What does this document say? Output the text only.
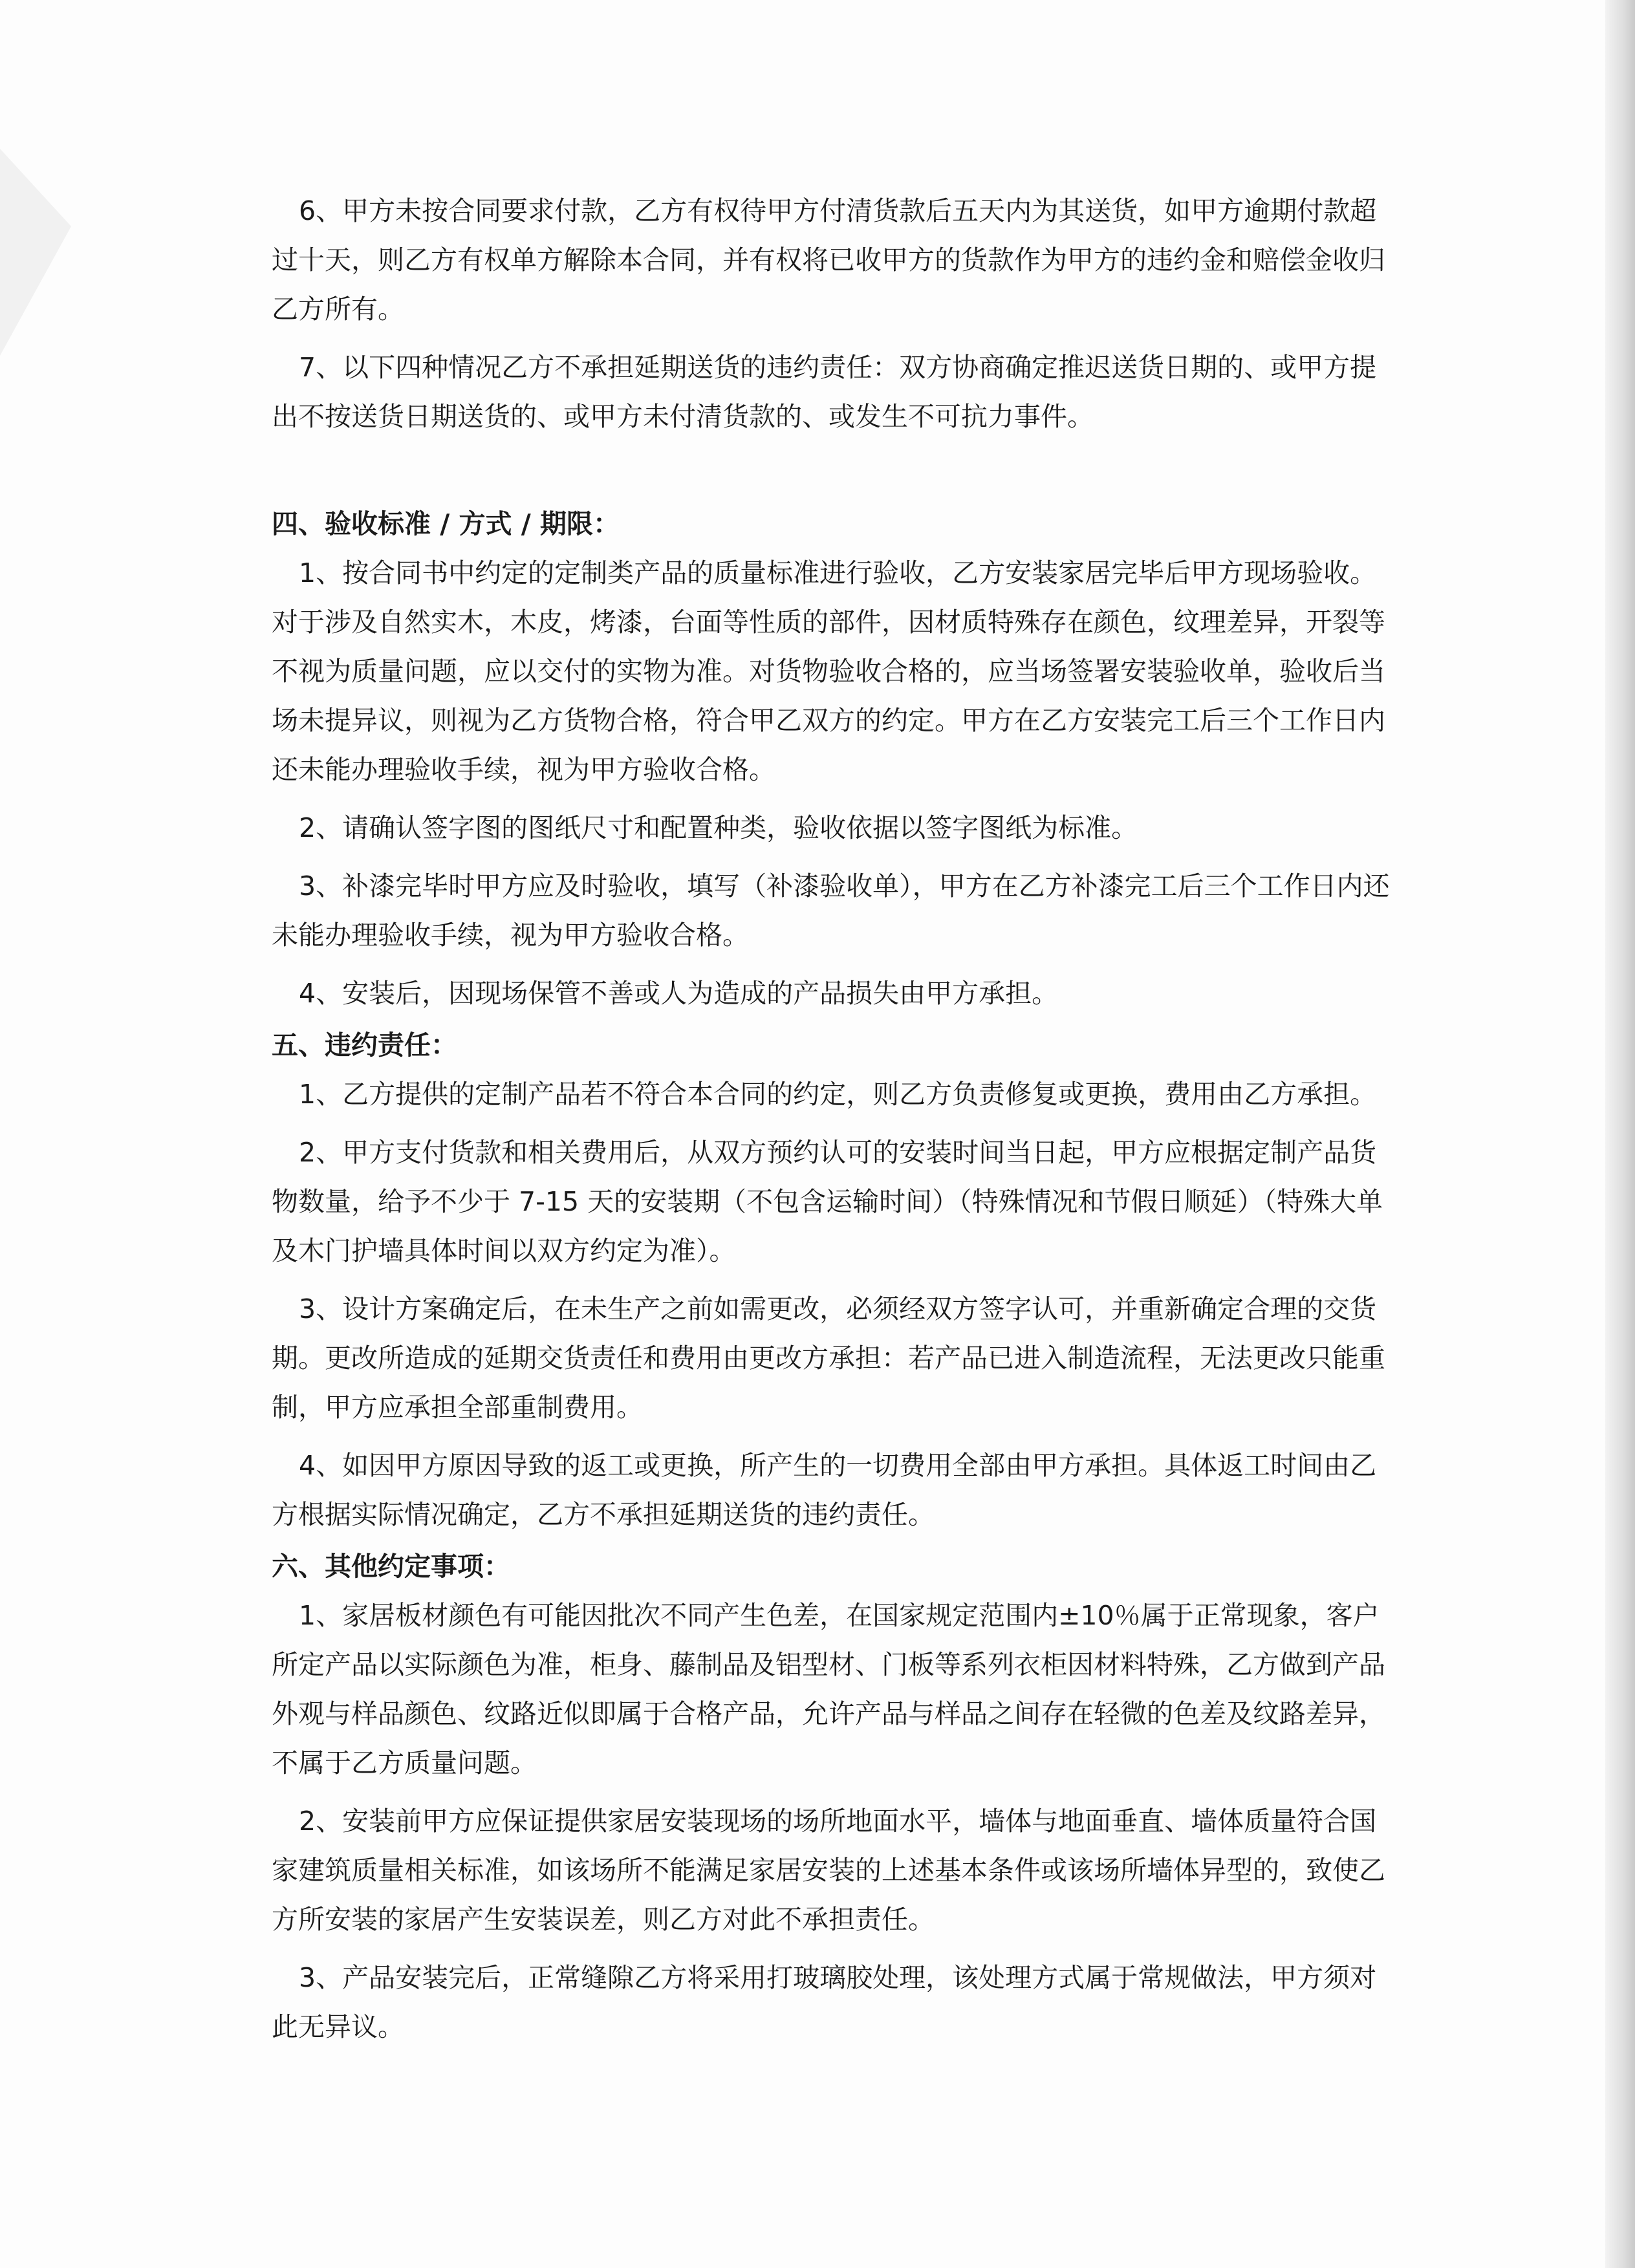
6、甲方未按合同要求付款，乙方有权待甲方付清货款后五天内为其送货，如甲方逾期付款超过十天，则乙方有权单方解除本合同，并有权将已收甲方的货款作为甲方的违约金和赔偿金收归乙方所有。

7、以下四种情况乙方不承担延期送货的违约责任：双方协商确定推迟送货日期的、或甲方提出不按送货日期送货的、或甲方未付清货款的、或发生不可抗力事件。

四、验收标准 / 方式 / 期限：

1、按合同书中约定的定制类产品的质量标准进行验收，乙方安装家居完毕后甲方现场验收。对于涉及自然实木，木皮，烤漆，台面等性质的部件，因材质特殊存在颜色，纹理差异，开裂等不视为质量问题，应以交付的实物为准。对货物验收合格的，应当场签署安装验收单，验收后当场未提异议，则视为乙方货物合格，符合甲乙双方的约定。甲方在乙方安装完工后三个工作日内还未能办理验收手续，视为甲方验收合格。

2、请确认签字图的图纸尺寸和配置种类，验收依据以签字图纸为标准。

3、补漆完毕时甲方应及时验收，填写（补漆验收单），甲方在乙方补漆完工后三个工作日内还未能办理验收手续，视为甲方验收合格。

4、安装后，因现场保管不善或人为造成的产品损失由甲方承担。

五、违约责任：

1、乙方提供的定制产品若不符合本合同的约定，则乙方负责修复或更换，费用由乙方承担。

2、甲方支付货款和相关费用后，从双方预约认可的安装时间当日起，甲方应根据定制产品货物数量，给予不少于 7-15 天的安装期（不包含运输时间）（特殊情况和节假日顺延）（特殊大单及木门护墙具体时间以双方约定为准）。

3、设计方案确定后，在未生产之前如需更改，必须经双方签字认可，并重新确定合理的交货期。更改所造成的延期交货责任和费用由更改方承担：若产品已进入制造流程，无法更改只能重制，甲方应承担全部重制费用。

4、如因甲方原因导致的返工或更换，所产生的一切费用全部由甲方承担。具体返工时间由乙方根据实际情况确定，乙方不承担延期送货的违约责任。

六、其他约定事项：

1、家居板材颜色有可能因批次不同产生色差，在国家规定范围内±10％属于正常现象，客户所定产品以实际颜色为准，柜身、藤制品及铝型材、门板等系列衣柜因材料特殊，乙方做到产品外观与样品颜色、纹路近似即属于合格产品，允许产品与样品之间存在轻微的色差及纹路差异，不属于乙方质量问题。

2、安装前甲方应保证提供家居安装现场的场所地面水平，墙体与地面垂直、墙体质量符合国家建筑质量相关标准，如该场所不能满足家居安装的上述基本条件或该场所墙体异型的，致使乙方所安装的家居产生安装误差，则乙方对此不承担责任。

3、产品安装完后，正常缝隙乙方将采用打玻璃胶处理，该处理方式属于常规做法，甲方须对此无异议。
